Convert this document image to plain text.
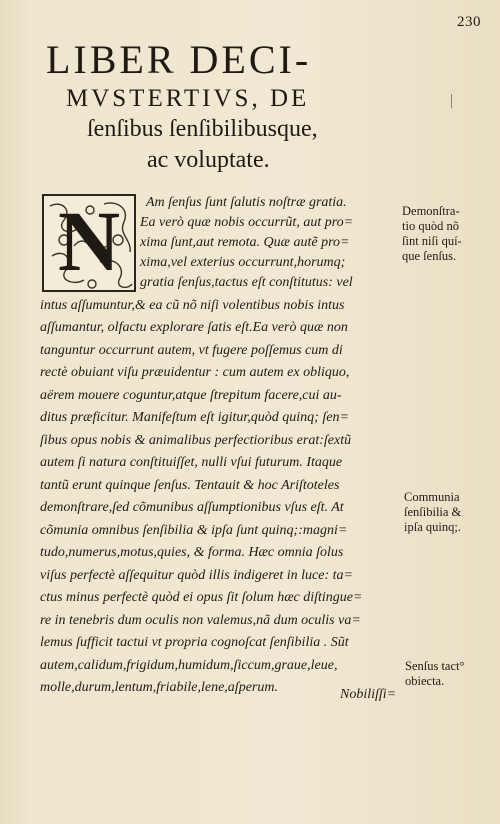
230
|
LIBER DECI-
MVSTERTIVS, DE
ſenſibus ſenſibilibusque,
ac voluptate.
N	Am ſenſus ſunt ſalutis noſtræ gratia.
Ea verò quæ nobis occurrũt, aut pro=
xima ſunt,aut remota. Quæ autẽ pro=
xima,vel exterius occurrunt,horumq;
gratia ſenſus,tactus eſt conſtitutus: vel
intus aſſumuntur,& ea cũ nõ niſi volentibus nobis intus
aſſumantur, olfactu explorare ſatis eſt.Ea verò quæ non
tanguntur occurrunt autem, vt fugere poſſemus cum di
rectè obuiant viſu præuidentur : cum autem ex obliquo,
aërem mouere coguntur,atque ſtrepitum facere,cui au-
ditus præficitur. Manifeſtum eſt igitur,quòd quinq; ſen=
ſibus opus nobis & animalibus perfectioribus erat:ſextũ
autem ſi natura conſtituiſſet, nulli vſui futurum. Itaque
tantũ erunt quinque ſenſus. Tentauit & hoc Ariſtoteles
demonſtrare,ſed cõmunibus aſſumptionibus vſus eſt. At
cõmunia omnibus ſenſibilia & ipſa ſunt quinq;:magni=
tudo,numerus,motus,quies, & forma. Hæc omnia ſolus
viſus perfectè aſſequitur quòd illis indigeret in luce: ta=
ctus minus perfectè quòd ei opus ſit ſolum hæc diſtingue=
re in tenebris dum oculis non valemus,nã dum oculis va=
lemus ſufficit tactui vt propria cognoſcat ſenſibilia . Sũt
autem,calidum,frigidum,humidum,ſiccum,graue,leue,
molle,durum,lentum,friabile,lene,aſperum.
Demonſtra-
tio quòd nõ
ſint niſi quí-
que ſenſus.
Communia
ſenſibilia &
ipſa quinq;.
Senſus tact°
obiecta.
Nobiliſſi=
